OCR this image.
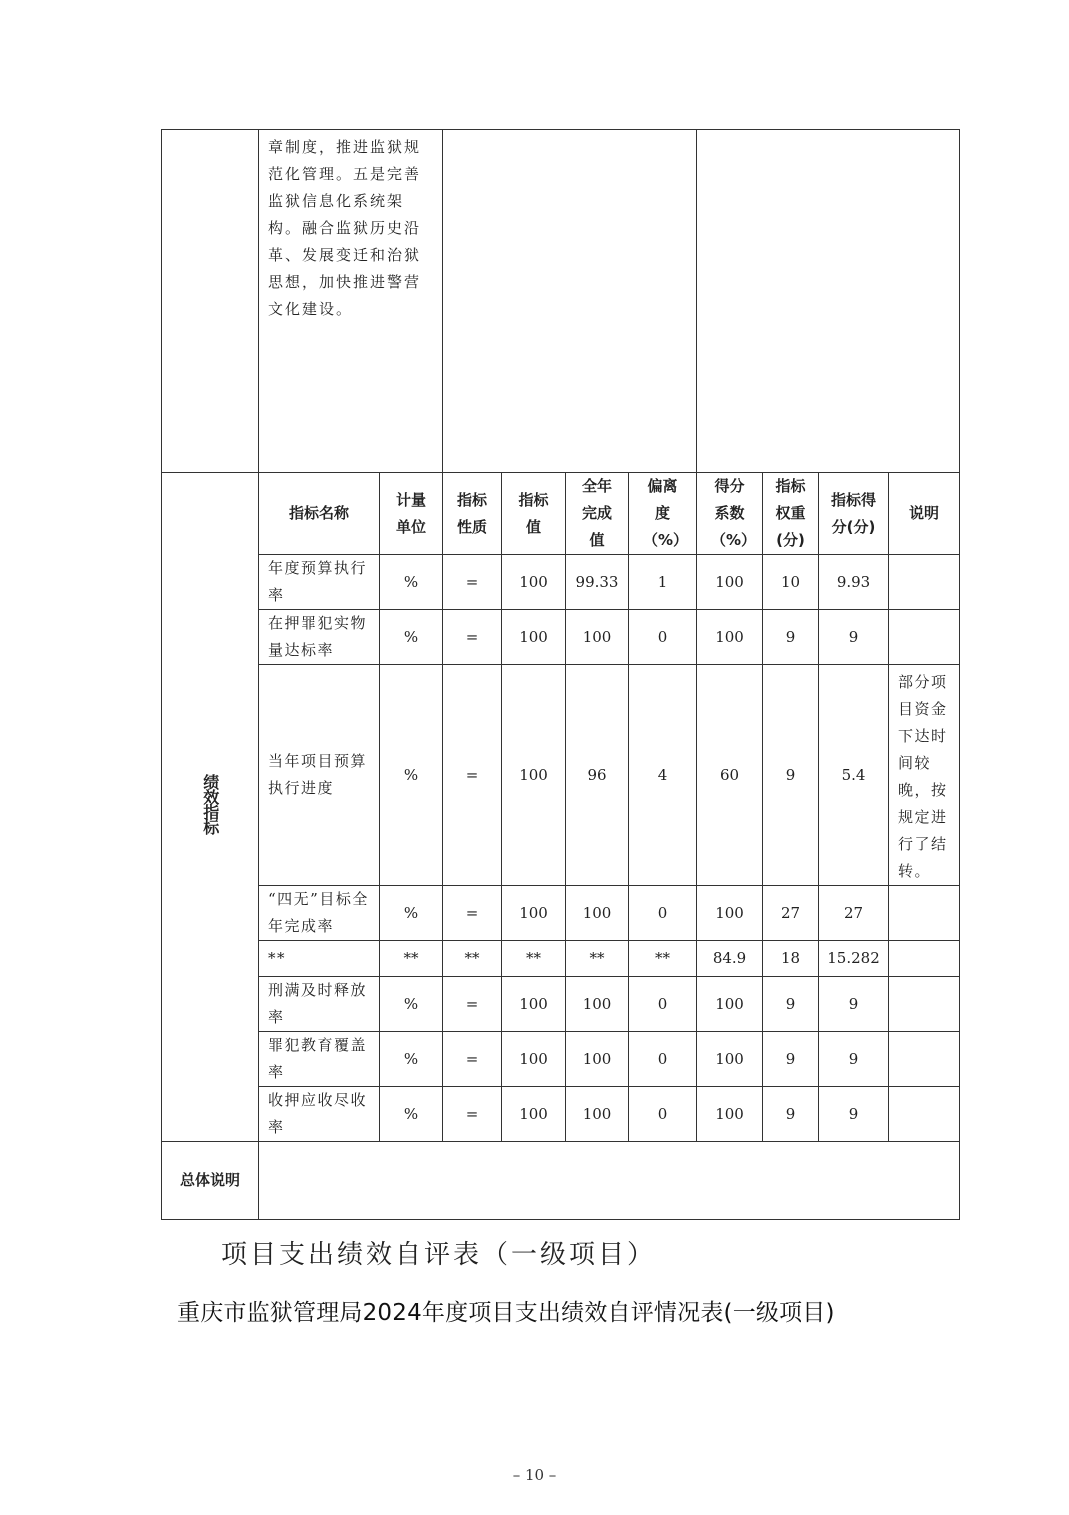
	章制度，推进监狱规范化管理。五是完善监狱信息化系统架构。融合监狱历史沿革、发展变迁和治狱思想，加快推进警营文化建设。									
绩效指标	指标名称	计量单位	指标性质	指标值	全年完成值	偏离度（%）	得分系数（%）	指标权重(分)	指标得分(分)	说明
	年度预算执行率	%	=	100	99.33	1	100	10	9.93	
	在押罪犯实物量达标率	%	=	100	100	0	100	9	9	
	当年项目预算执行进度	%	=	100	96	4	60	9	5.4	部分项目资金下达时间较晚，按规定进行了结转。
	“四无”目标全年完成率	%	=	100	100	0	100	27	27	
	**	**	**	**	**	**	84.9	18	15.282	
	刑满及时释放率	%	=	100	100	0	100	9	9	
	罪犯教育覆盖率	%	=	100	100	0	100	9	9	
	收押应收尽收率	%	=	100	100	0	100	9	9	
总体说明										
项目支出绩效自评表（一级项目）
重庆市监狱管理局2024年度项目支出绩效自评情况表(一级项目)
– 10 –
